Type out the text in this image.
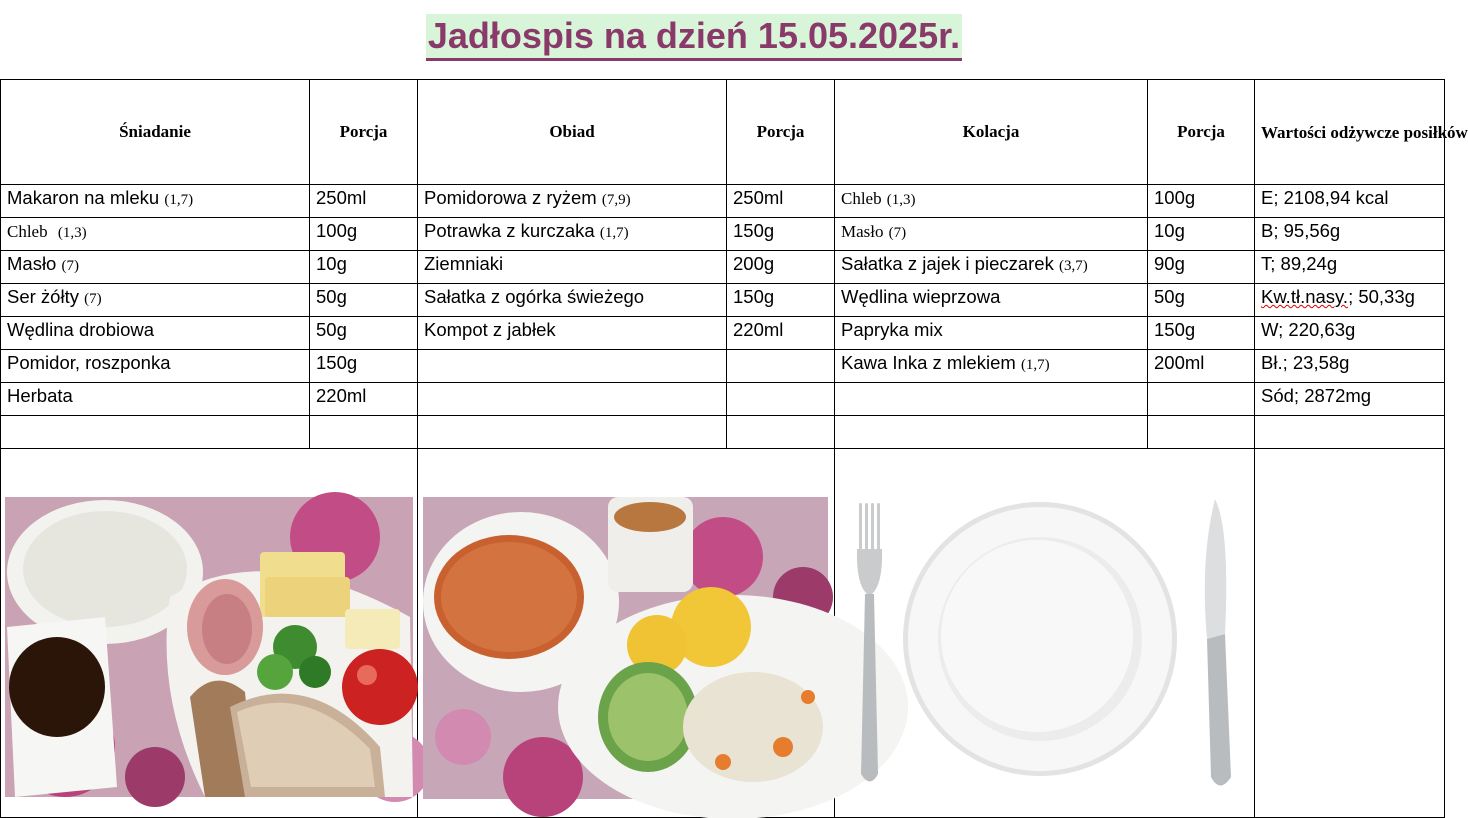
Jadłospis na dzień 15.05.2025r.
Śniadanie	Porcja	Obiad	Porcja	Kolacja	Porcja	Wartości odżywcze posiłków
Makaron na mleku (1,7)	250ml	Pomidorowa z ryżem (7,9)	250ml	Chleb (1,3)	100g	E; 2108,94 kcal
Chleb (1,3)	100g	Potrawka z kurczaka (1,7)	150g	Masło (7)	10g	B; 95,56g
Masło (7)	10g	Ziemniaki	200g	Sałatka z jajek i pieczarek (3,7)	90g	T; 89,24g
Ser żółty (7)	50g	Sałatka z ogórka świeżego	150g	Wędlina wieprzowa	50g	Kw.tł.nasy.; 50,33g
Wędlina drobiowa	50g	Kompot z jabłek	220ml	Papryka mix	150g	W; 220,63g
Pomidor, roszponka	150g			Kawa Inka z mlekiem (1,7)	200ml	Bł.; 23,58g
Herbata	220ml					Sód; 2872mg
